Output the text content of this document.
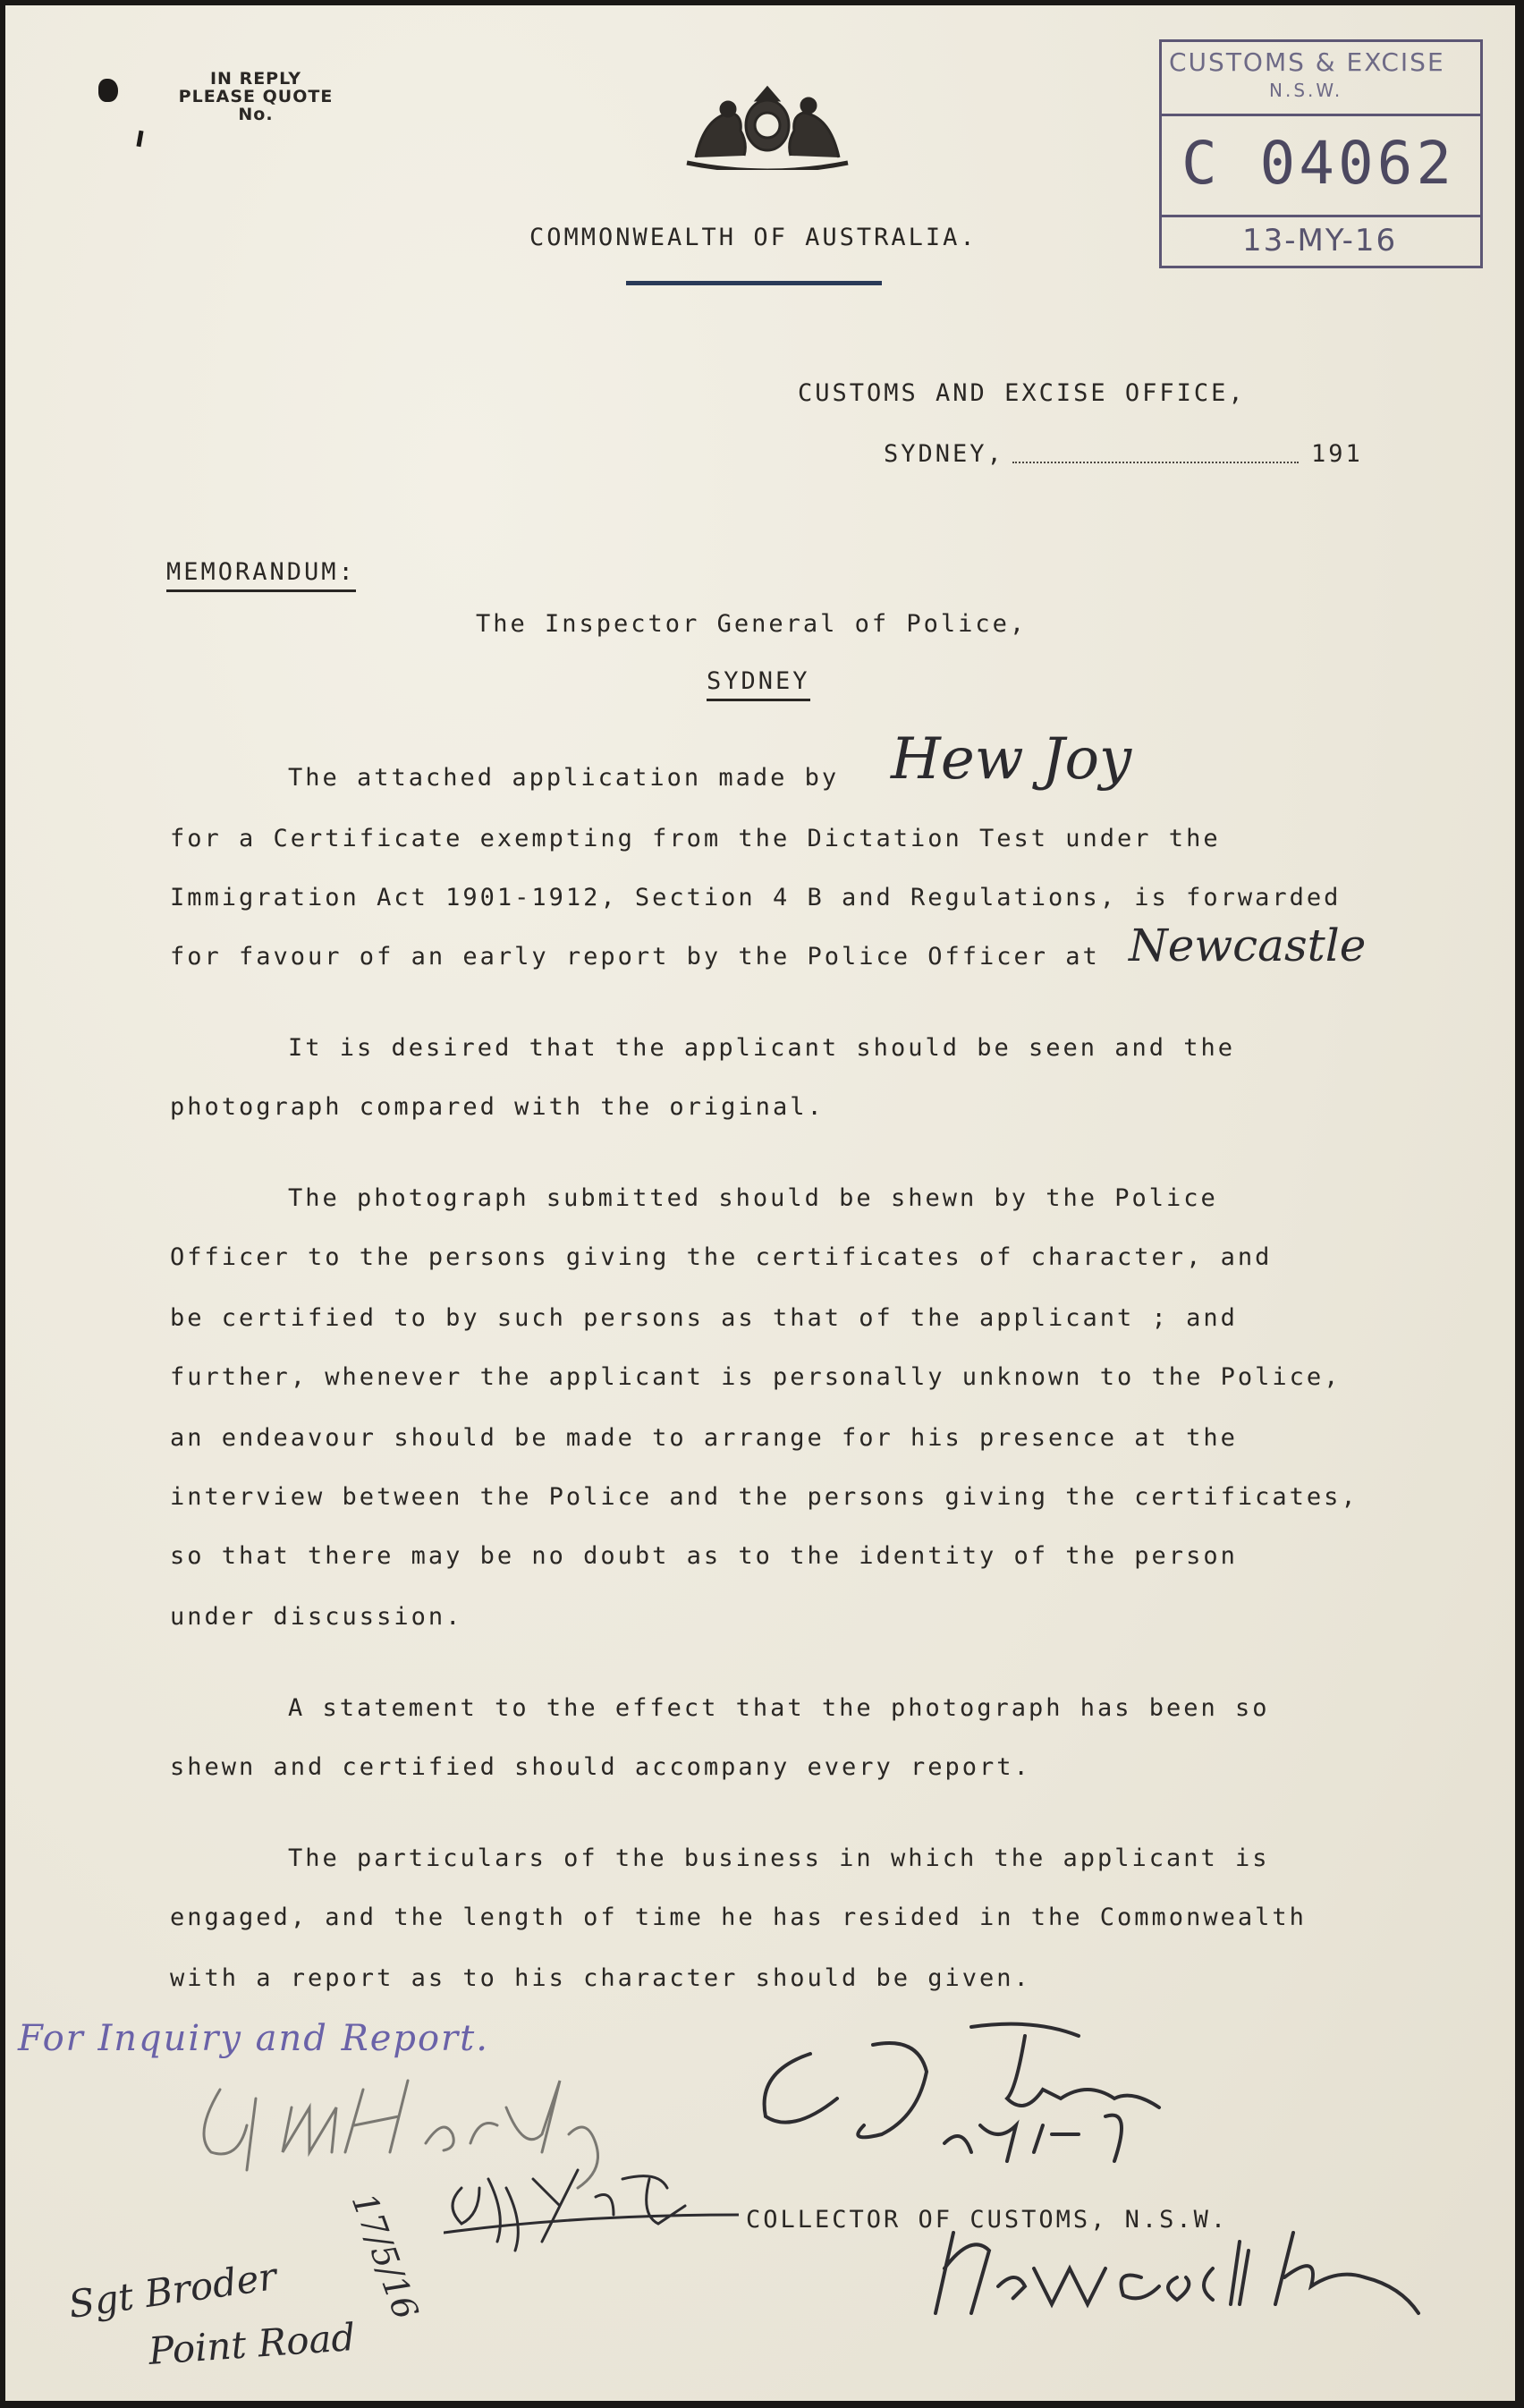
IN REPLY
PLEASE QUOTE
No.
CUSTOMS & EXCISE
N.S.W.
C 04062
13-MY-16
COMMONWEALTH OF AUSTRALIA.
CUSTOMS AND EXCISE OFFICE,
SYDNEY,	191
MEMORANDUM:
The Inspector General of Police,
SYDNEY
The attached application made by Hew Joy
for a Certificate exempting from the Dictation Test under the
Immigration Act 1901-1912, Section 4 B and Regulations, is forwarded
for favour of an early report by the Police Officer at Newcastle
It is desired that the applicant should be seen and the
photograph compared with the original.
The photograph submitted should be shewn by the Police
Officer to the persons giving the certificates of character, and
be certified to by such persons as that of the applicant ; and
further, whenever the applicant is personally unknown to the Police,
an endeavour should be made to arrange for his presence at the
interview between the Police and the persons giving the certificates,
so that there may be no doubt as to the identity of the person
under discussion.
A statement to the effect that the photograph has been so
shewn and certified should accompany every report.
The particulars of the business in which the applicant is
engaged, and the length of time he has resided in the Commonwealth
with a report as to his character should be given.
For Inquiry and Report.
COLLECTOR OF CUSTOMS, N.S.W.
17/5/16
Sgt Broder
Point Road
